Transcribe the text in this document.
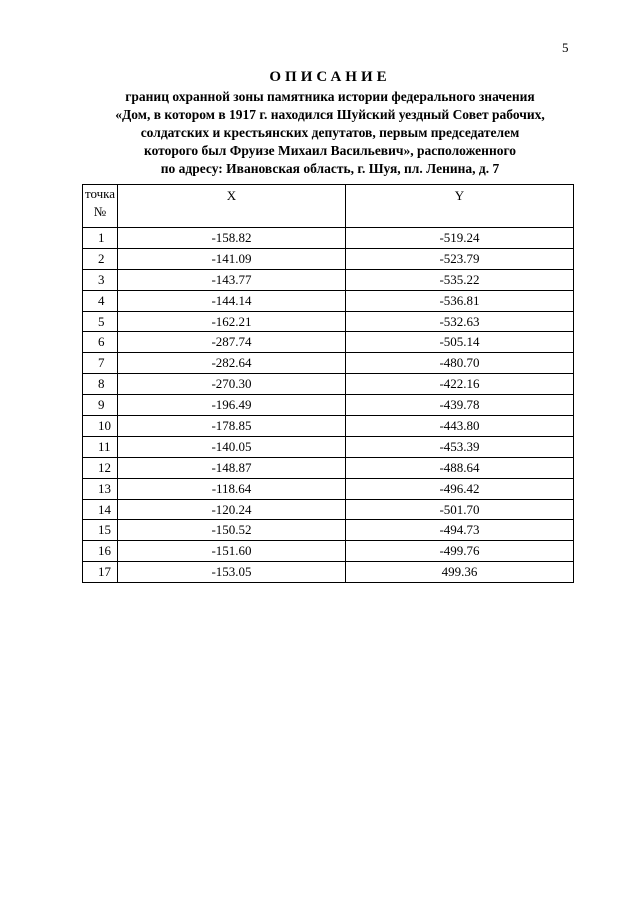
5
ОПИСАНИЕ
границ охранной зоны памятника истории федерального значения
«Дом, в котором в 1917 г. находился Шуйский уездный Совет рабочих,
солдатских и крестьянских депутатов, первым председателем
которого был Фруизе Михаил Васильевич», расположенного
по адресу: Ивановская область, г. Шуя, пл. Ленина, д. 7
точка
№	X	Y
1	-158.82	-519.24
2	-141.09	-523.79
3	-143.77	-535.22
4	-144.14	-536.81
5	-162.21	-532.63
6	-287.74	-505.14
7	-282.64	-480.70
8	-270.30	-422.16
9	-196.49	-439.78
10	-178.85	-443.80
11	-140.05	-453.39
12	-148.87	-488.64
13	-118.64	-496.42
14	-120.24	-501.70
15	-150.52	-494.73
16	-151.60	-499.76
17	-153.05	499.36
